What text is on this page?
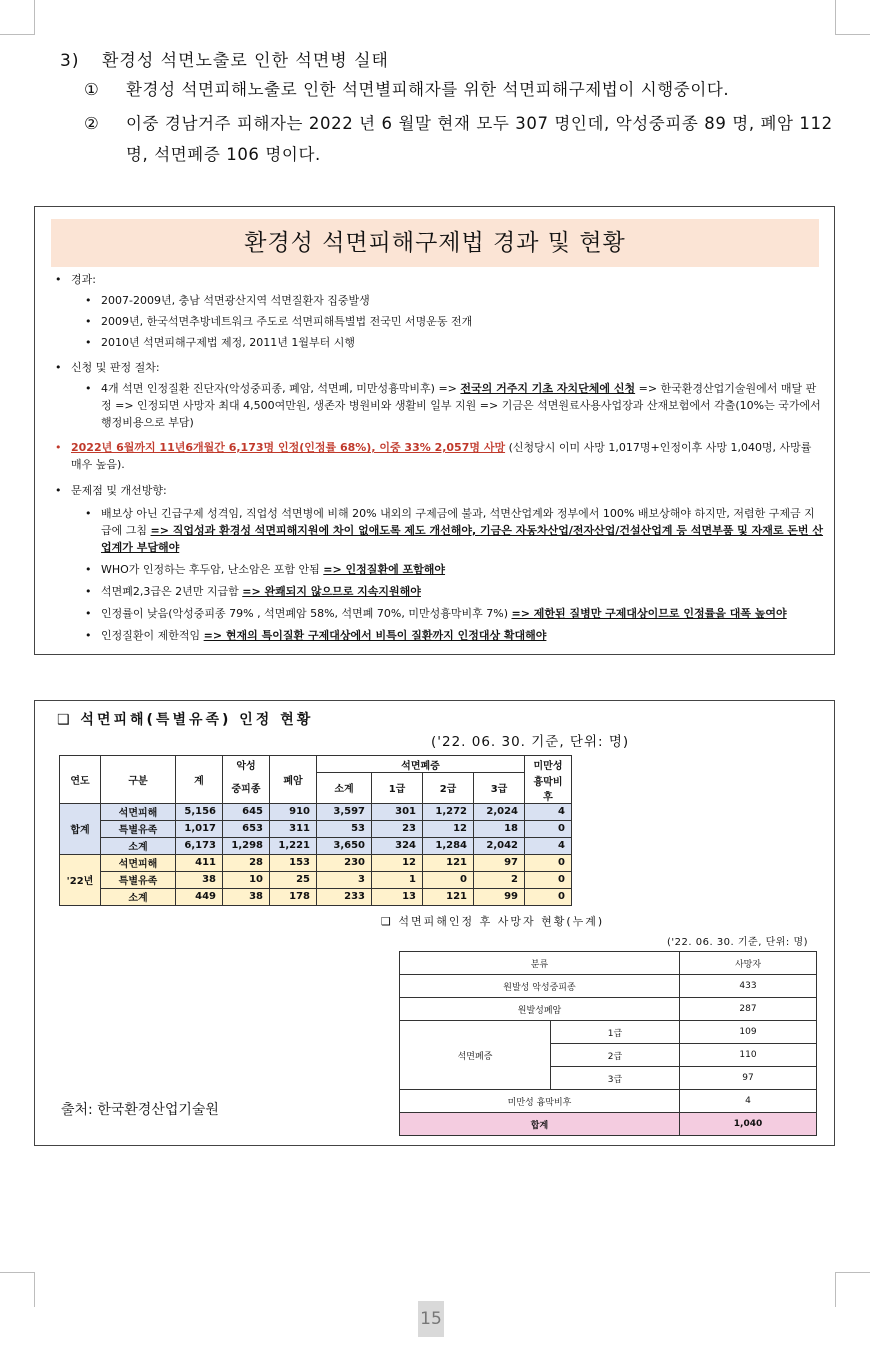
3) 환경성 석면노출로 인한 석면병 실태
①	환경성 석면피해노출로 인한 석면별피해자를 위한 석면피해구제법이 시행중이다.
②	이중 경남거주 피해자는 2022 년 6 월말 현재 모두 307 명인데, 악성중피종 89 명, 폐암 112 명, 석면폐증 106 명이다.
환경성 석면피해구제법 경과 및 현황
• 경과:
• 2007-2009년, 충남 석면광산지역 석면질환자 집중발생
• 2009년, 한국석면추방네트워크 주도로 석면피해특별법 전국민 서명운동 전개
• 2010년 석면피해구제법 제정, 2011년 1월부터 시행
• 신청 및 판정 절차:
• 4개 석면 인정질환 진단자(악성중피종, 폐암, 석면폐, 미만성흉막비후) => 전국의 거주지 기초 자치단체에 신청 => 한국환경산업기술원에서 매달 판정 => 인정되면 사망자 최대 4,500여만원, 생존자 병원비와 생활비 일부 지원 => 기금은 석면원료사용사업장과 산재보험에서 각출(10%는 국가에서 행정비용으로 부담)
• 2022년 6월까지 11년6개월간 6,173명 인정(인정률 68%), 이중 33% 2,057명 사망 (신청당시 이미 사망 1,017명+인정이후 사망 1,040명, 사망률 매우 높음).
• 문제점 및 개선방향:
• 배보상 아닌 긴급구제 성격임, 직업성 석면병에 비해 20% 내외의 구제금에 불과, 석면산업계와 정부에서 100% 배보상해야 하지만, 저렴한 구제금 지급에 그침 => 직업성과 환경성 석면피해지원에 차이 없애도록 제도 개선해야, 기금은 자동차산업/전자산업/건설산업계 등 석면부품 및 자재로 돈번 산업계가 부담해야
• WHO가 인정하는 후두암, 난소암은 포함 안됨 => 인정질환에 포함해야
• 석면폐2,3급은 2년만 지급함 => 완쾌되지 않으므로 지속지원해야
• 인정률이 낮음(악성중피종 79% , 석면폐암 58%, 석면폐 70%, 미만성흉막비후 7%) => 제한된 질병만 구제대상이므로 인정률을 대폭 높여야
• 인정질환이 제한적임 => 현재의 특이질환 구제대상에서 비특이 질환까지 인정대상 확대해야
❑ 석면피해(특별유족) 인정 현황
('22. 06. 30. 기준, 단위: 명)
연도	구분	계	악성	폐암	석면폐증				미만성
			중피종		소계	1급	2급	3급	흉막비후
합계	석면피해	5,156	645	910	3,597	301	1,272	2,024	4
	특별유족	1,017	653	311	53	23	12	18	0
	소계	6,173	1,298	1,221	3,650	324	1,284	2,042	4
'22년	석면피해	411	28	153	230	12	121	97	0
	특별유족	38	10	25	3	1	0	2	0
	소계	449	38	178	233	13	121	99	0
❑ 석면피해인정 후 사망자 현황(누계)
('22. 06. 30. 기준, 단위: 명)
분류		사망자
원발성 악성중피종		433
원발성폐암		287
석면폐증	1급	109
	2급	110
	3급	97
미만성 흉막비후		4
합계		1,040
출처: 한국환경산업기술원
15
